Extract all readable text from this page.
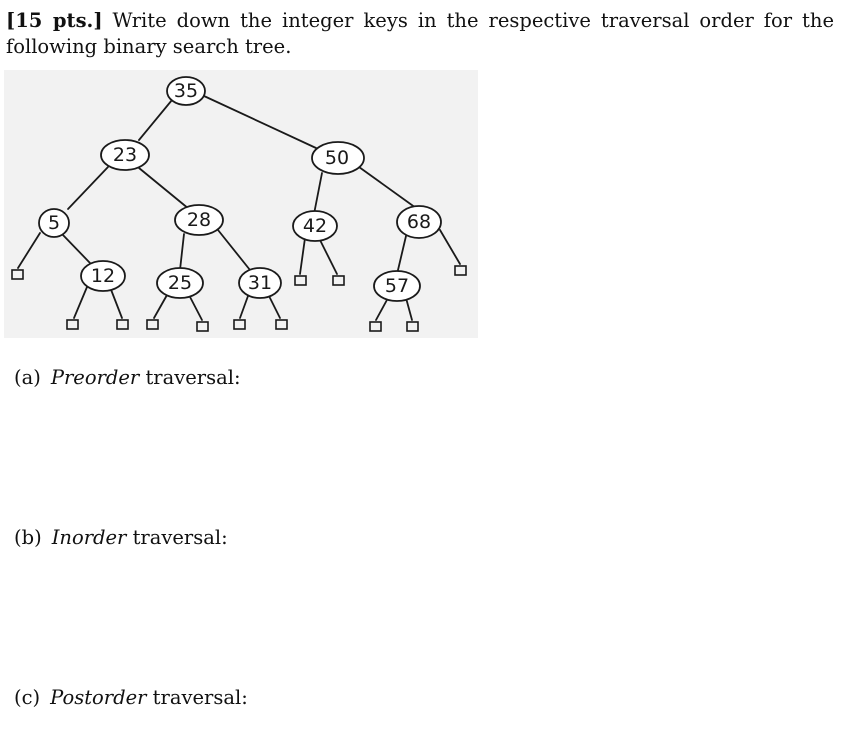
[15 pts.] Write down the integer keys in the respective traversal order for the following binary search tree.
35
23	50
5	28	42	68
12	25	31	57
(a) Preorder traversal:
(b) Inorder traversal:
(c) Postorder traversal:
